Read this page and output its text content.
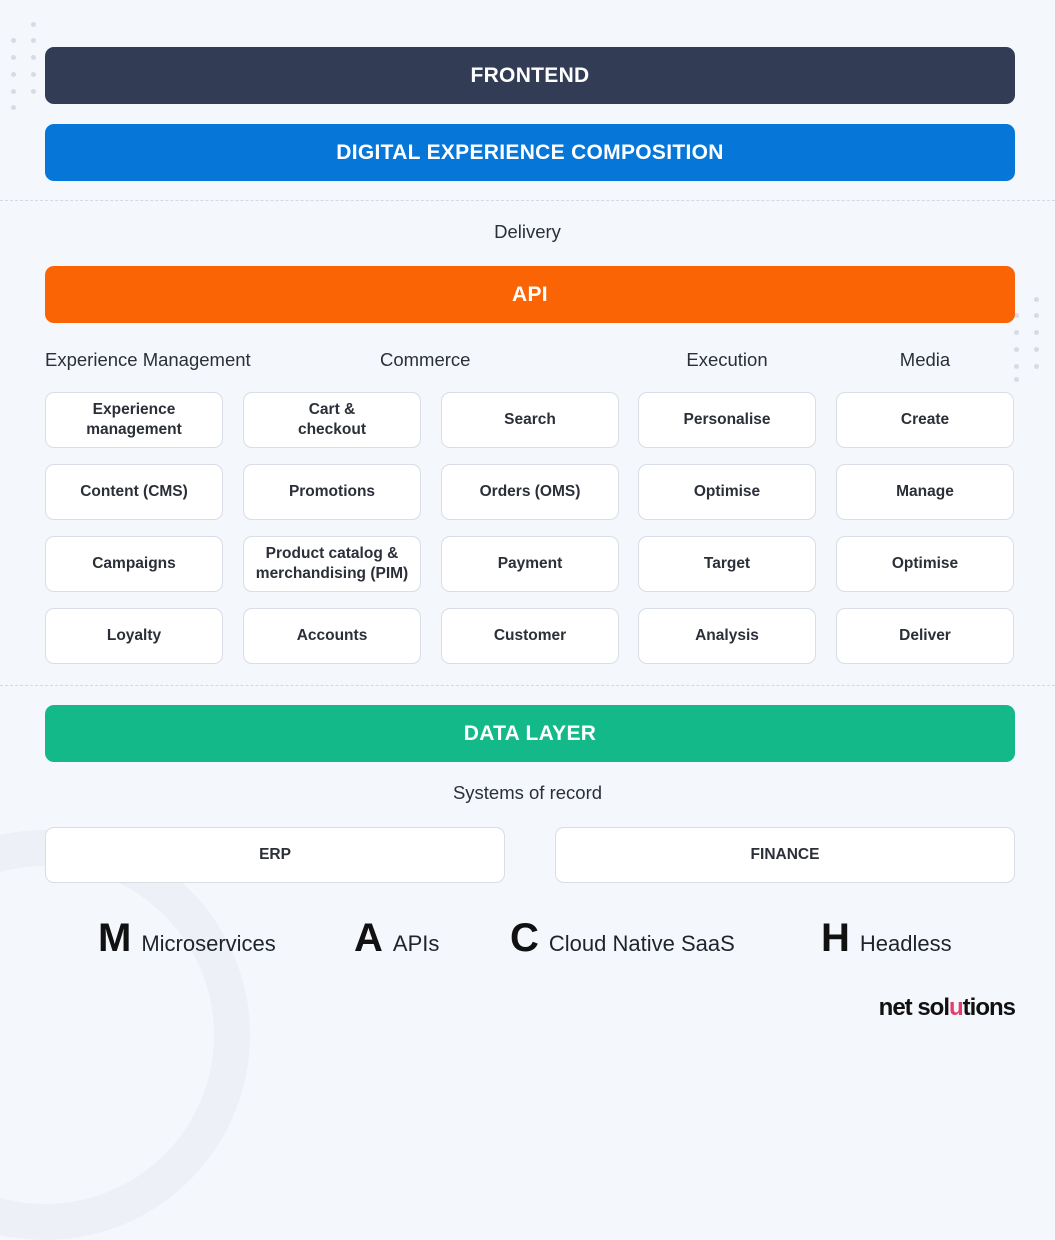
FRONTEND
DIGITAL EXPERIENCE COMPOSITION
Delivery
API
Experience Management	Commerce	Execution	Media
Experience
management
Content (CMS)
Campaigns
Loyalty
Cart &
checkout
Promotions
Product catalog &
merchandising (PIM)
Accounts
Search
Orders (OMS)
Payment
Customer
Personalise
Optimise
Target
Analysis
Create
Manage
Optimise
Deliver
DATA LAYER
Systems of record
ERP	FINANCE
M Microservices A APIs C Cloud Native SaaS H Headless
net solutions
